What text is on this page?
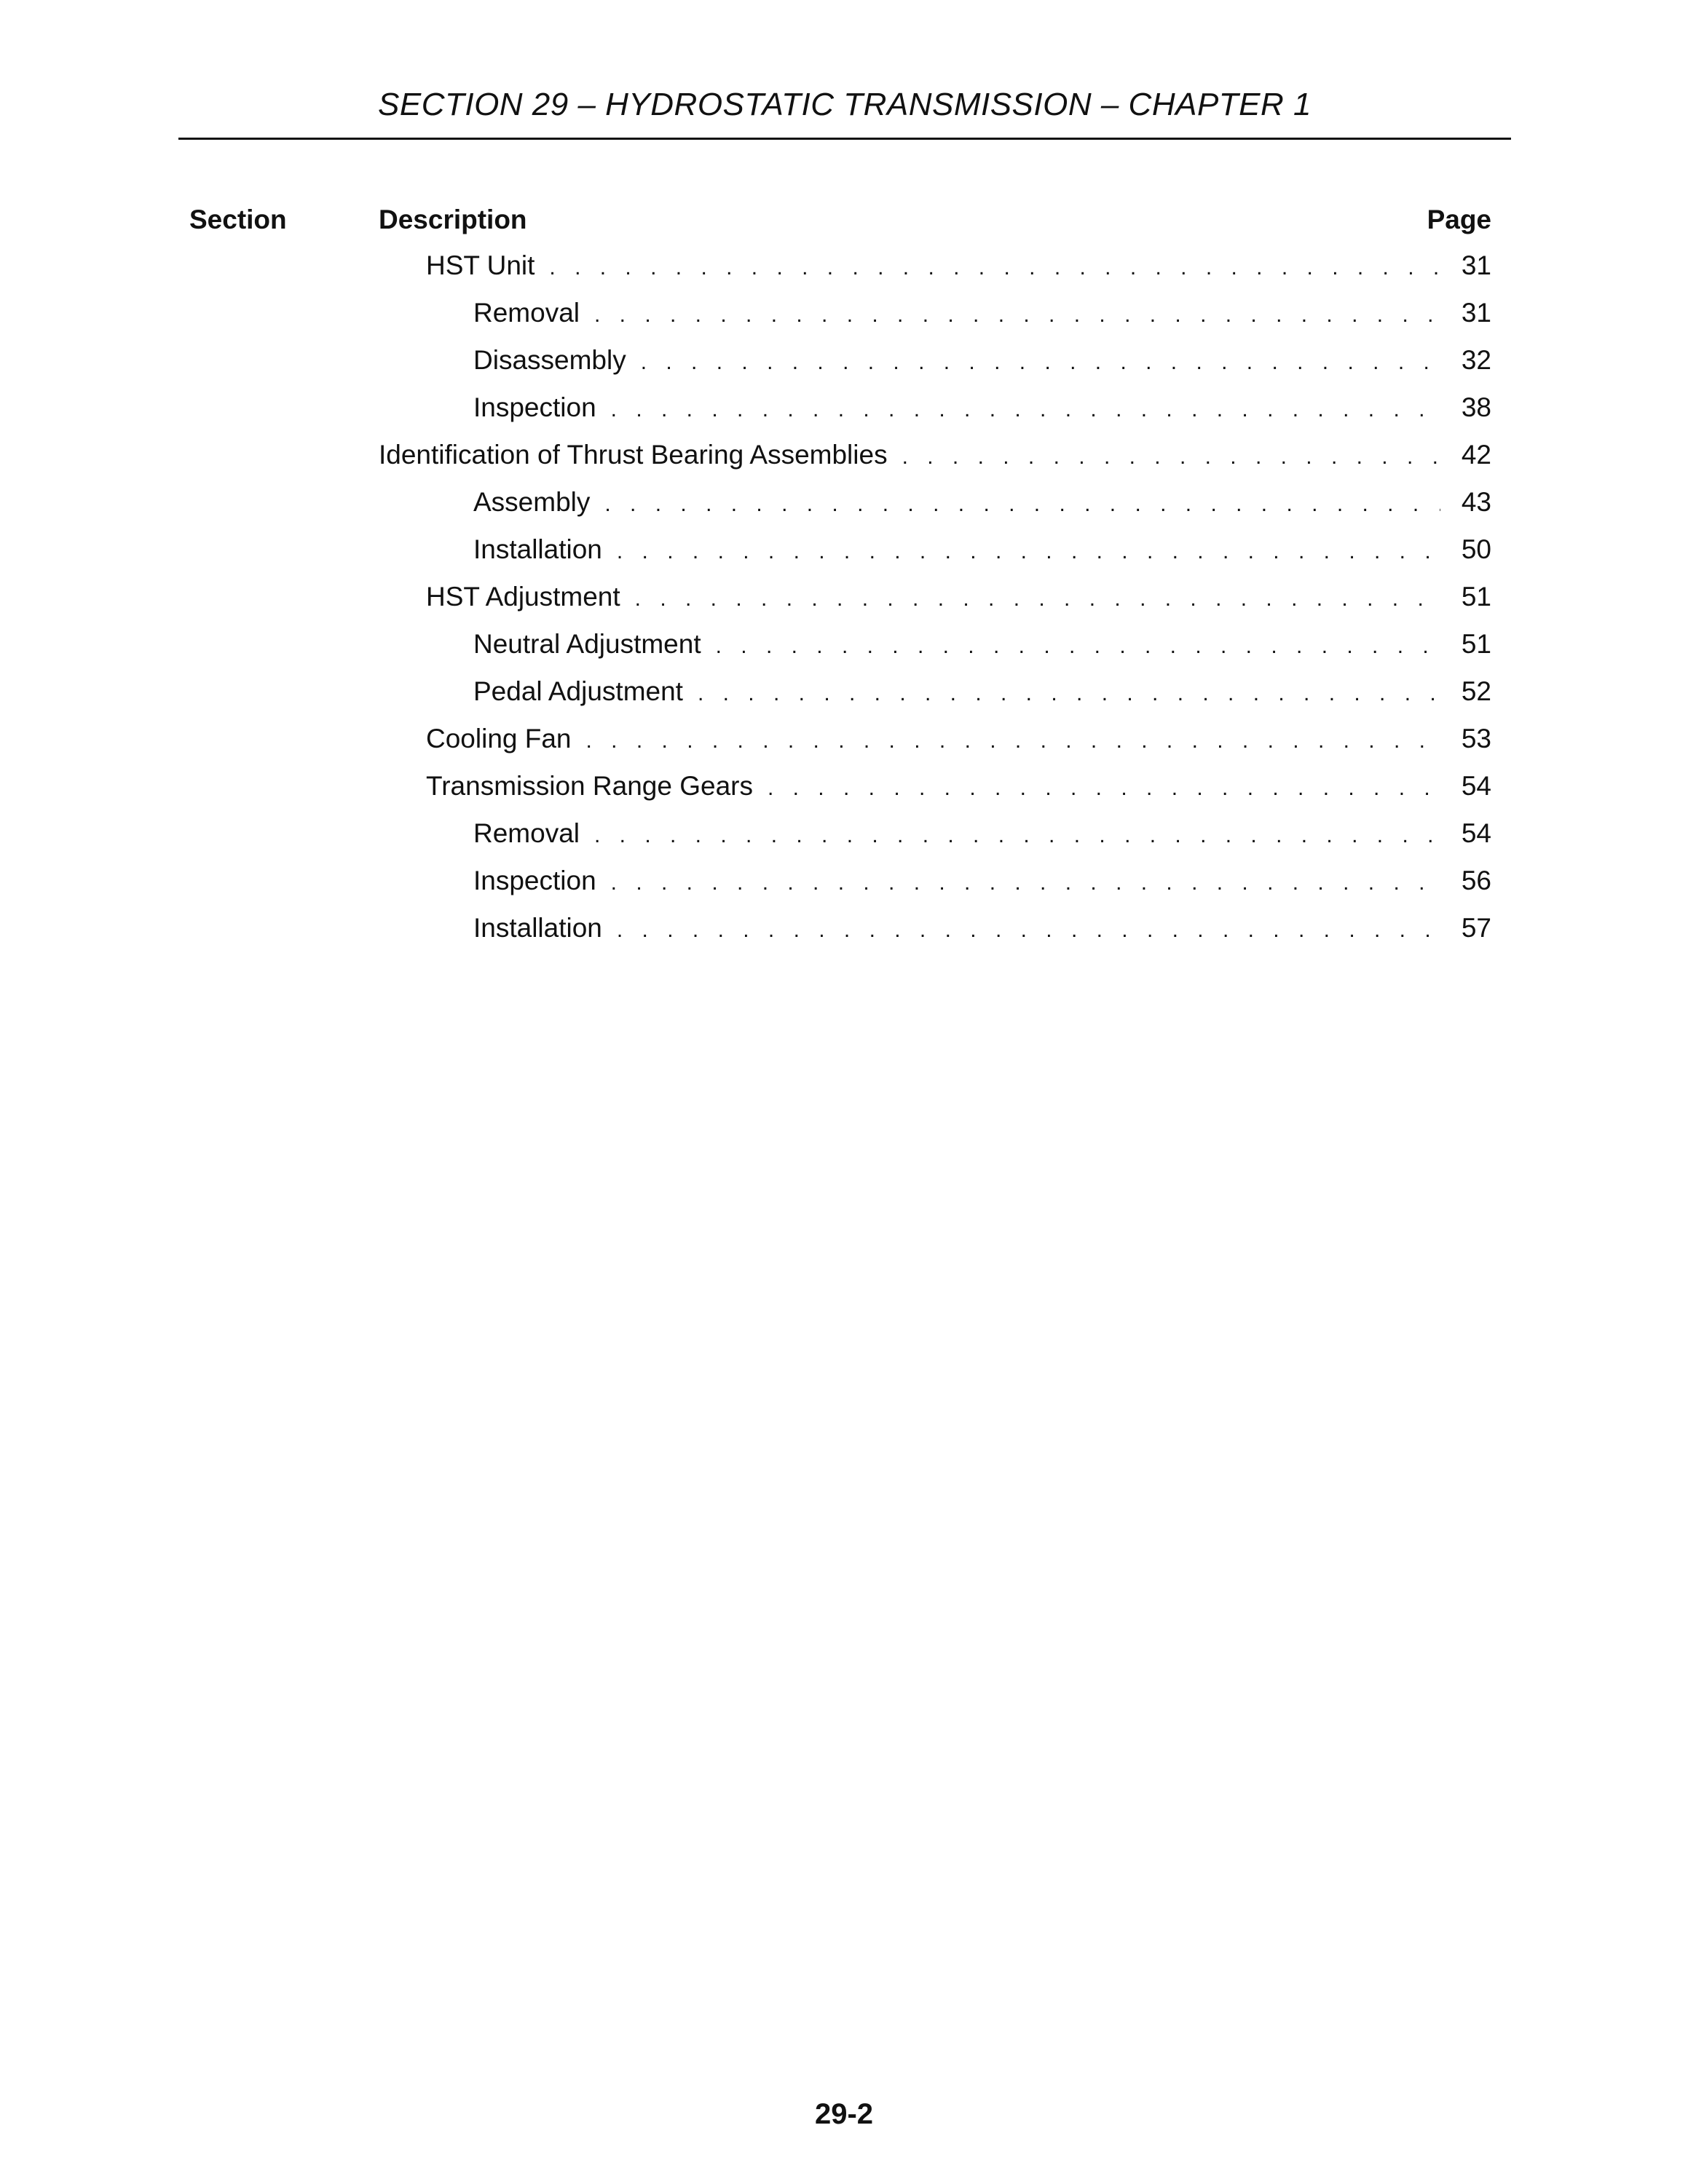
SECTION 29 – HYDROSTATIC TRANSMISSION – CHAPTER 1
Section	Description	Page
HST Unit . . .	31
Removal . . .	31
Disassembly . . .	32
Inspection . . .	38
Identification of Thrust Bearing Assemblies . . .	42
Assembly . . .	43
Installation . . .	50
HST Adjustment . . .	51
Neutral Adjustment . . .	51
Pedal Adjustment . . .	52
Cooling Fan . . .	53
Transmission Range Gears . . .	54
Removal . . .	54
Inspection . . .	56
Installation . . .	57
29-2
